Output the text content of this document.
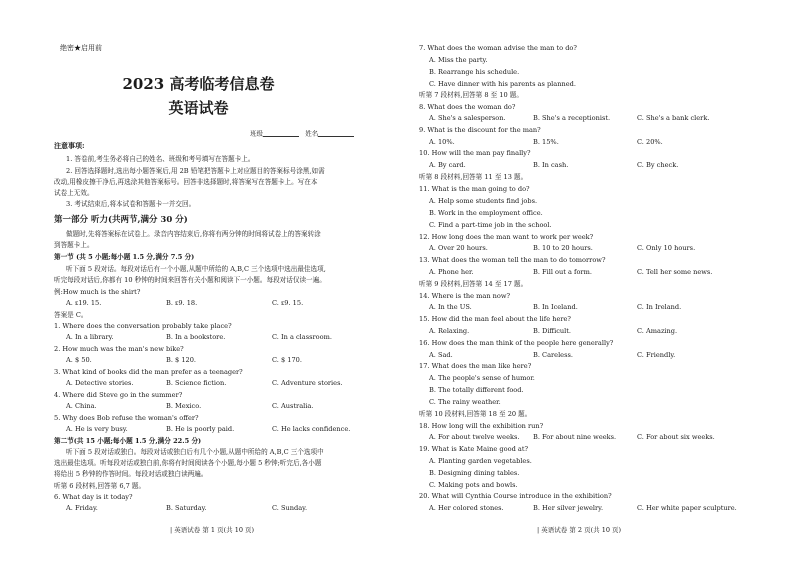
绝密★启用前
2023 高考临考信息卷
英语试卷
班级	姓名
注意事项:
1. 答卷前,考生务必将自己的姓名、班级和考号填写在答题卡上。
2. 回答选择题时,选出每小题答案后,用 2B 铅笔把答题卡上对应题目的答案标号涂黑,如需
改动,用橡皮擦干净后,再选涂其他答案标号。回答非选择题时,将答案写在答题卡上。写在本
试卷上无效。
3. 考试结束后,将本试卷和答题卡一并交回。
第一部分 听力(共两节,满分 30 分)
做题时,先将答案标在试卷上。录音内容结束后,你将有两分钟的时间将试卷上的答案转涂
到答题卡上。
第一节 (共 5 小题;每小题 1.5 分,满分 7.5 分)
听下面 5 段对话。每段对话后有一个小题,从题中所给的 A,B,C 三个选项中选出最佳选项,
听完每段对话后,你都有 10 秒钟的时间来回答有关小题和阅读下一小题。每段对话仅读一遍。
例:How much is the shirt?
A. ₤19. 15.	B. ₤9. 18.	C. ₤9. 15.
答案是 C。
1. Where does the conversation probably take place?
A. In a library.	B. In a bookstore.	C. In a classroom.
2. How much was the man's new bike?
A. $ 50.	B. $ 120.	C. $ 170.
3. What kind of books did the man prefer as a teenager?
A. Detective stories.	B. Science fiction.	C. Adventure stories.
4. Where did Steve go in the summer?
A. China.	B. Mexico.	C. Australia.
5. Why does Bob refuse the woman's offer?
A. He is very busy.	B. He is poorly paid.	C. He lacks confidence.
第二节(共 15 小题;每小题 1.5 分,满分 22.5 分)
听下面 5 段对话或独白。每段对话或独白后有几个小题,从题中所给的 A,B,C 三个选项中
选出最佳选项。听每段对话或独白前,你将有时间阅读各个小题,每小题 5 秒钟;听完后,各小题
将给出 5 秒钟的作答时间。每段对话或独白读两遍。
听第 6 段材料,回答第 6,7 题。
6. What day is it today?
A. Friday.	B. Saturday.	C. Sunday.
| 英语试卷 第 1 页(共 10 页)
7. What does the woman advise the man to do?
A. Miss the party.
B. Rearrange his schedule.
C. Have dinner with his parents as planned.
听第 7 段材料,回答第 8 至 10 题。
8. What does the woman do?
A. She's a salesperson.	B. She's a receptionist.	C. She's a bank clerk.
9. What is the discount for the man?
A. 10%.	B. 15%.	C. 20%.
10. How will the man pay finally?
A. By card.	B. In cash.	C. By check.
听第 8 段材料,回答第 11 至 13 题。
11. What is the man going to do?
A. Help some students find jobs.
B. Work in the employment office.
C. Find a part-time job in the school.
12. How long does the man want to work per week?
A. Over 20 hours.	B. 10 to 20 hours.	C. Only 10 hours.
13. What does the woman tell the man to do tomorrow?
A. Phone her.	B. Fill out a form.	C. Tell her some news.
听第 9 段材料,回答第 14 至 17 题。
14. Where is the man now?
A. In the US.	B. In Iceland.	C. In Ireland.
15. How did the man feel about the life here?
A. Relaxing.	B. Difficult.	C. Amazing.
16. How does the man think of the people here generally?
A. Sad.	B. Careless.	C. Friendly.
17. What does the man like here?
A. The people's sense of humor.
B. The totally different food.
C. The rainy weather.
听第 10 段材料,回答第 18 至 20 题。
18. How long will the exhibition run?
A. For about twelve weeks. B. For about nine weeks.	C. For about six weeks.
19. What is Kate Maine good at?
A. Planting garden vegetables.
B. Designing dining tables.
C. Making pots and bowls.
20. What will Cynthia Course introduce in the exhibition?
A. Her colored stones.	B. Her silver jewelry.	C. Her white paper sculpture.
| 英语试卷 第 2 页(共 10 页)
